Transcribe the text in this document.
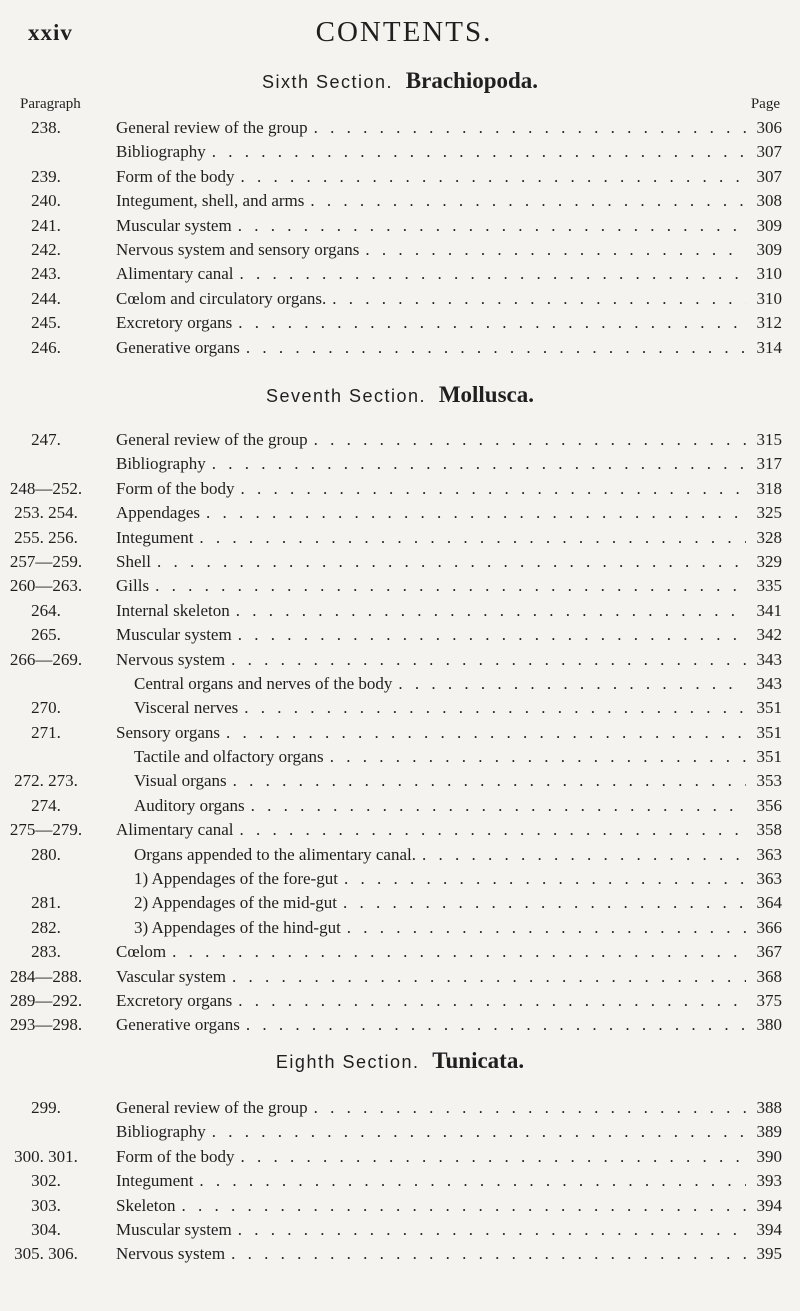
xxiv	CONTENTS.
Sixth Section. Brachiopoda.
Paragraph	Page
238.	General review of the group . . .	306
Bibliography . . .	307
239.	Form of the body . . .	307
240.	Integument, shell, and arms . . .	308
241.	Muscular system . . .	309
242.	Nervous system and sensory organs . . .	309
243.	Alimentary canal . . .	310
244.	Cœlom and circulatory organs. . . .	310
245.	Excretory organs . . .	312
246.	Generative organs . . .	314
Seventh Section. Mollusca.
247.	General review of the group . . .	315
Bibliography . . .	317
248—252.	Form of the body . . .	318
253. 254.	Appendages . . .	325
255. 256.	Integument . . .	328
257—259.	Shell . . .	329
260—263.	Gills . . .	335
264.	Internal skeleton . . .	341
265.	Muscular system . . .	342
266—269.	Nervous system . . .	343
Central organs and nerves of the body . . .	343
270.	Visceral nerves . . .	351
271.	Sensory organs . . .	351
Tactile and olfactory organs . . .	351
272. 273.	Visual organs . . .	353
274.	Auditory organs . . .	356
275—279.	Alimentary canal . . .	358
280.	Organs appended to the alimentary canal. . . .	363
1) Appendages of the fore-gut . . .	363
281.	2) Appendages of the mid-gut . . .	364
282.	3) Appendages of the hind-gut . . .	366
283.	Cœlom . . .	367
284—288.	Vascular system . . .	368
289—292.	Excretory organs . . .	375
293—298.	Generative organs . . .	380
Eighth Section. Tunicata.
299.	General review of the group . . .	388
Bibliography . . .	389
300. 301.	Form of the body . . .	390
302.	Integument . . .	393
303.	Skeleton . . .	394
304.	Muscular system . . .	394
305. 306.	Nervous system . . .	395
